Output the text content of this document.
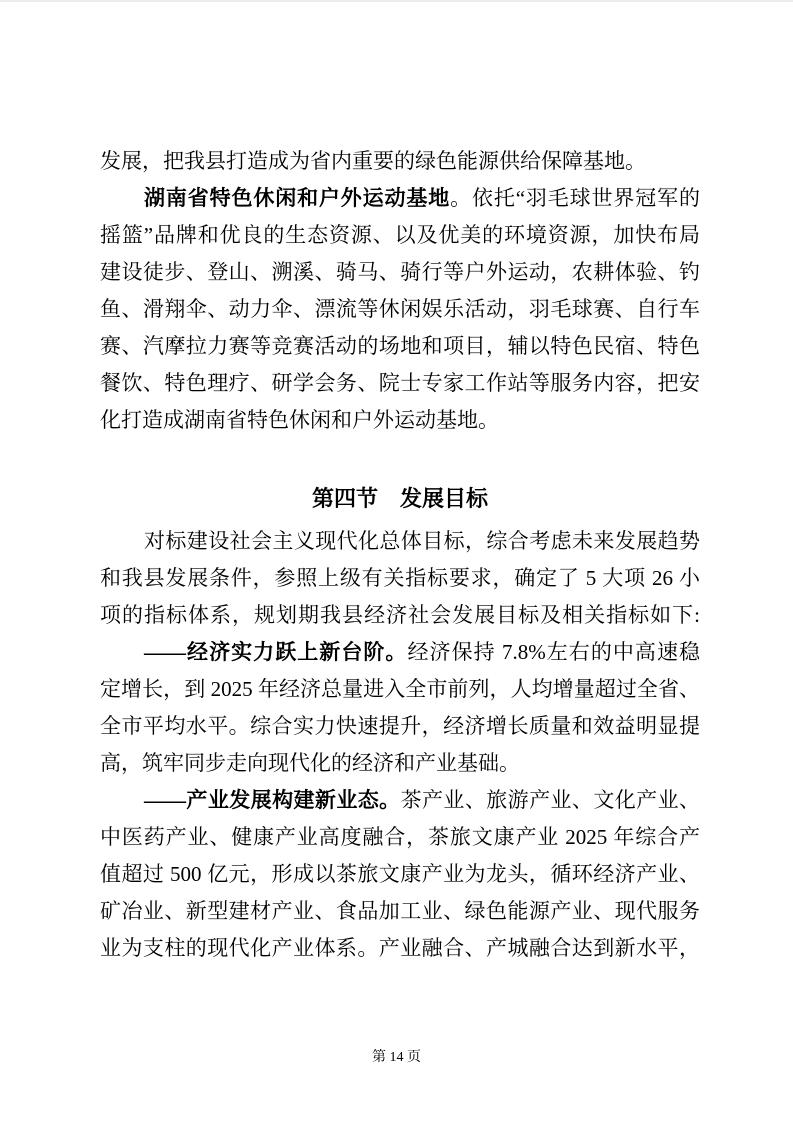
发展，把我县打造成为省内重要的绿色能源供给保障基地。
湖南省特色休闲和户外运动基地。依托“羽毛球世界冠军的
摇篮”品牌和优良的生态资源、以及优美的环境资源，加快布局
建设徒步、登山、溯溪、骑马、骑行等户外运动，农耕体验、钓
鱼、滑翔伞、动力伞、漂流等休闲娱乐活动，羽毛球赛、自行车
赛、汽摩拉力赛等竞赛活动的场地和项目，辅以特色民宿、特色
餐饮、特色理疗、研学会务、院士专家工作站等服务内容，把安
化打造成湖南省特色休闲和户外运动基地。
第四节　发展目标
对标建设社会主义现代化总体目标，综合考虑未来发展趋势
和我县发展条件，参照上级有关指标要求，确定了 5 大项 26 小
项的指标体系，规划期我县经济社会发展目标及相关指标如下:
——经济实力跃上新台阶。经济保持 7.8%左右的中高速稳
定增长，到 2025 年经济总量进入全市前列，人均增量超过全省、
全市平均水平。综合实力快速提升，经济增长质量和效益明显提
高，筑牢同步走向现代化的经济和产业基础。
——产业发展构建新业态。茶产业、旅游产业、文化产业、
中医药产业、健康产业高度融合，茶旅文康产业 2025 年综合产
值超过 500 亿元，形成以茶旅文康产业为龙头，循环经济产业、
矿冶业、新型建材产业、食品加工业、绿色能源产业、现代服务
业为支柱的现代化产业体系。产业融合、产城融合达到新水平，
第 14 页
